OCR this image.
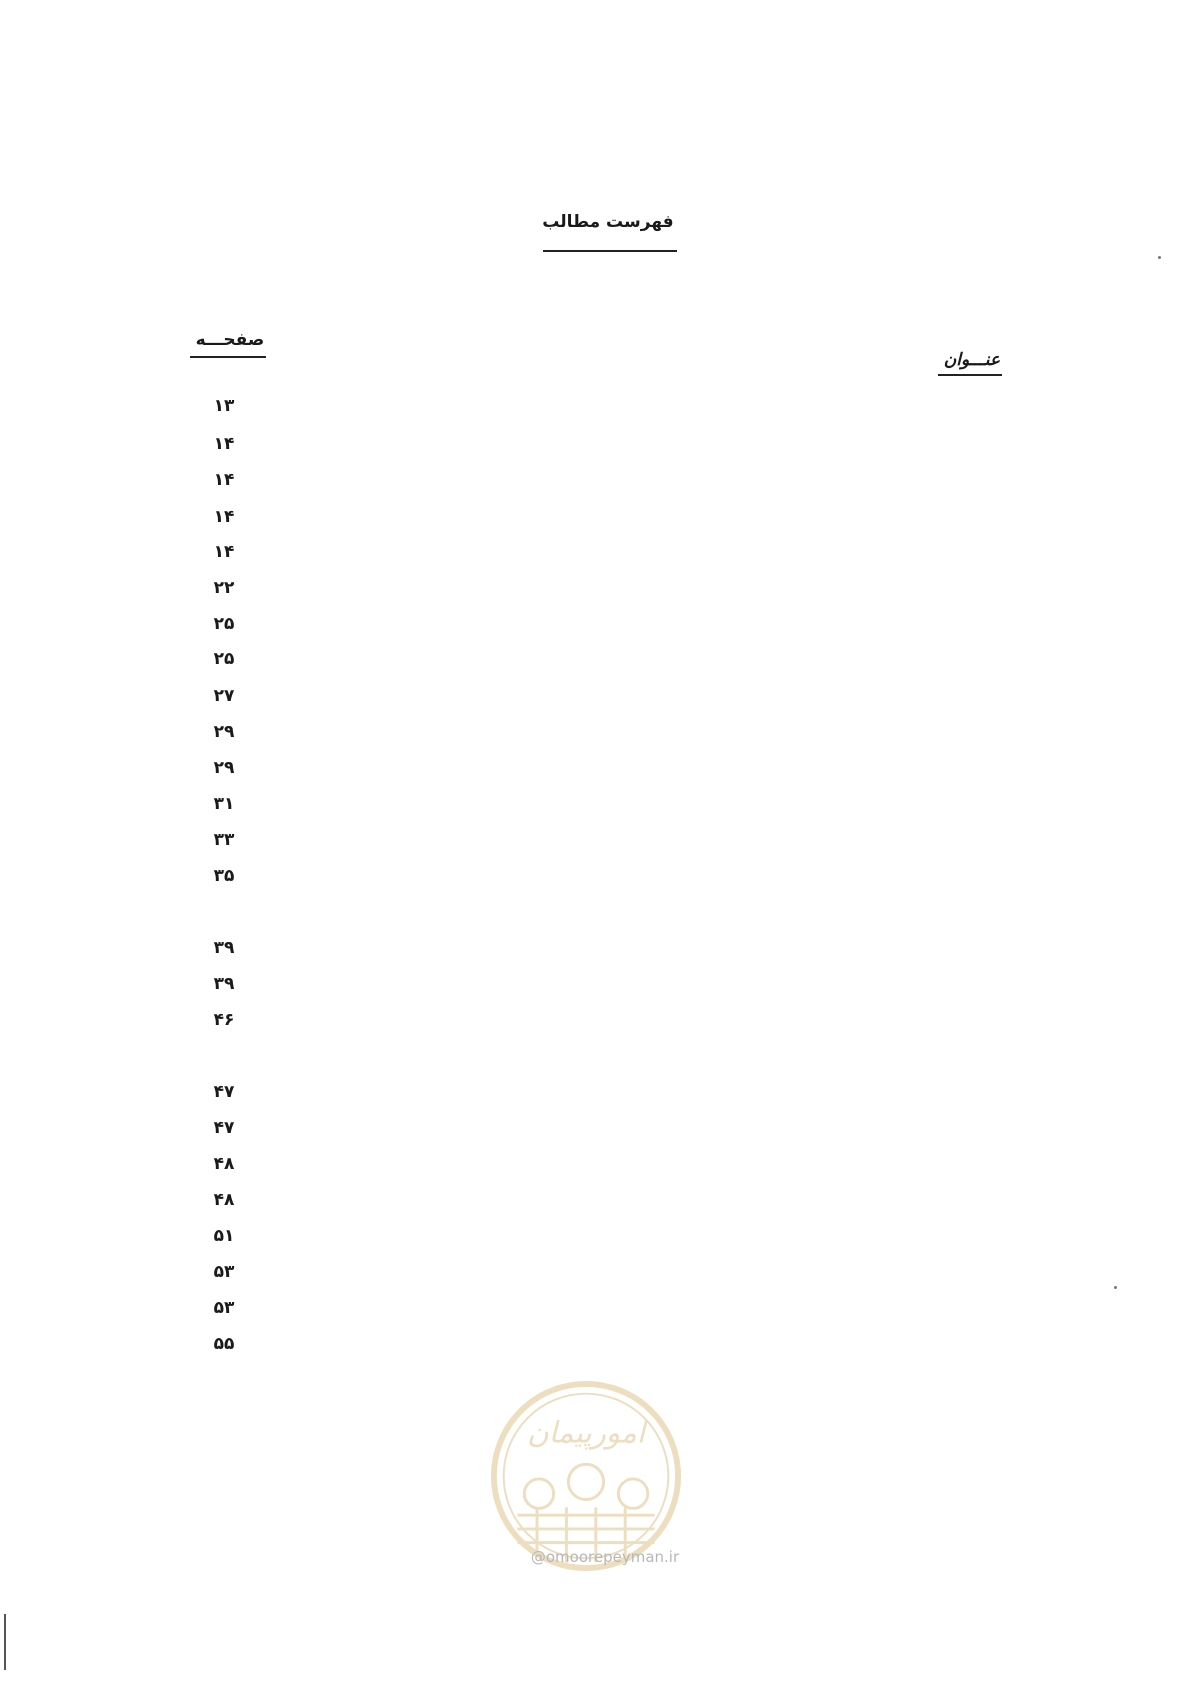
فهرست مطالب
صفحـــه
عنـــوان
۱۳
۱۴
۱۴
۱۴
۱۴
۲۲
۲۵
۲۵
۲۷
۲۹
۲۹
۳۱
۳۳
۳۵
۳۹
۳۹
۴۶
۴۷
۴۷
۴۸
۴۸
۵۱
۵۳
۵۳
۵۵
امورپیمان
@omoorepeyman.ir
